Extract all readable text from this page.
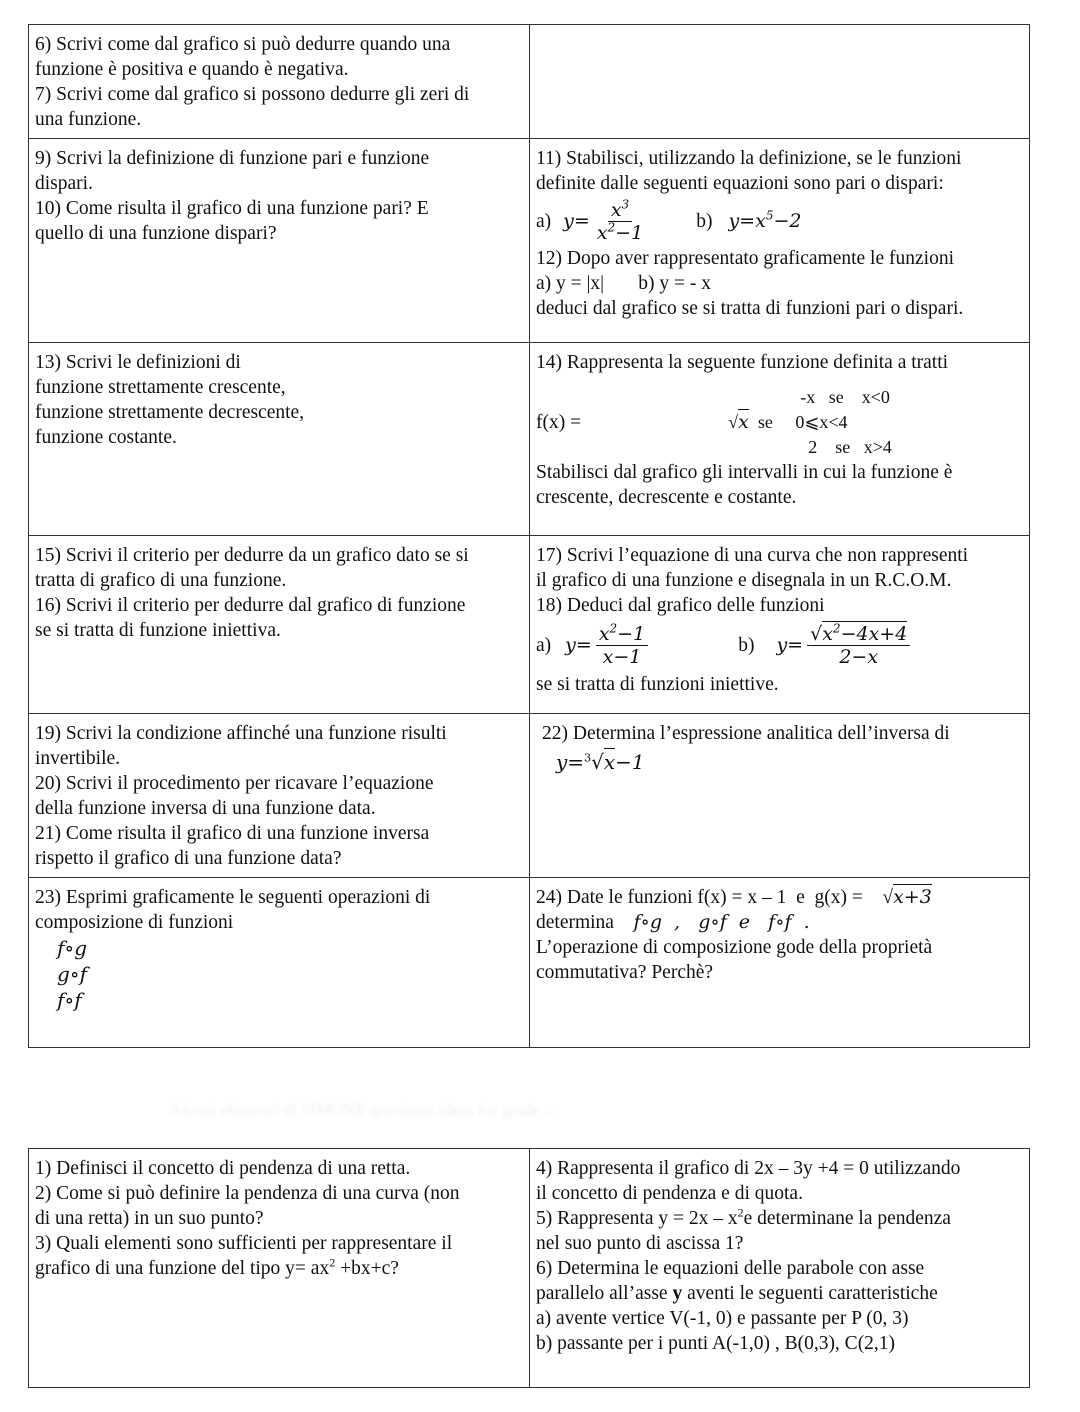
6) Scrivi come dal grafico si può dedurre quando una

funzione è positiva e quando è negativa.

7) Scrivi come dal grafico si possono dedurre gli zeri di

una funzione.

9) Scrivi la definizione di funzione pari e funzione

dispari.

10) Come risulta il grafico di una funzione pari? E

quello di una funzione dispari?

11) Stabilisci, utilizzando la definizione, se le funzioni

definite dalle seguenti equazioni sono pari o dispari:

a) $y= \frac{x^3}{x^2-1}$	b) $y=x^5-2$

12) Dopo aver rappresentato graficamente le funzioni

a) y = |x|       b) y = - x

deduci dal grafico se si tratta di funzioni pari o dispari.

13) Scrivi le definizioni di

funzione strettamente crescente,

funzione strettamente decrescente,

funzione costante.

14) Rappresenta la seguente funzione definita a tratti

f(x) =
-x   se    x<0
√x  se     0⩽x<4
2    se   x>4

Stabilisci dal grafico gli intervalli in cui la funzione è

crescente, decrescente e costante.

15) Scrivi il criterio per dedurre da un grafico dato se si

tratta di grafico di una funzione.

16) Scrivi il criterio per dedurre dal grafico di funzione

se si tratta di funzione iniettiva.

17) Scrivi l’equazione di una curva che non rappresenti

il grafico di una funzione e disegnala in un R.C.O.M.

18) Deduci dal grafico delle funzioni

a) $y= \frac{x^2-1}{x-1}$	b) $y= \frac{√x^2-4x+4}{2-x}$

se si tratta di funzioni iniettive.

19) Scrivi la condizione affinché una funzione risulti

invertibile.

20) Scrivi il procedimento per ricavare l’equazione

della funzione inversa di una funzione data.

21) Come risulta il grafico di una funzione inversa

rispetto il grafico di una funzione data?

22) Determina l’espressione analitica dell’inversa di

y=$^3$√x−1

23) Esprimi graficamente le seguenti operazioni di

composizione di funzioni

f∘g
g∘f
f∘f

24) Date le funzioni f(x) = x – 1  e  g(x) =    √x+3

determina f∘g  ,   g∘f  e   f∘f  .

L’operazione di composizione gode della proprietà

commutativa? Perchè?

Alcuni elementi di SIMONE questions ideas for grade ...

1) Definisci il concetto di pendenza di una retta.

2) Come si può definire la pendenza di una curva (non

di una retta) in un suo punto?

3) Quali elementi sono sufficienti per rappresentare il

grafico di una funzione del tipo $y= ax^2 +bx+c$?

4) Rappresenta il grafico di 2x – 3y +4 = 0 utilizzando

il concetto di pendenza e di quota.

5) Rappresenta $y = 2x - x^2e$ determinane la pendenza

nel suo punto di ascissa 1?

6) Determina le equazioni delle parabole con asse

parallelo all’asse y aventi le seguenti caratteristiche

a) avente vertice V(-1, 0) e passante per P (0, 3)

b) passante per i punti A(-1,0) , B(0,3), C(2,1)
